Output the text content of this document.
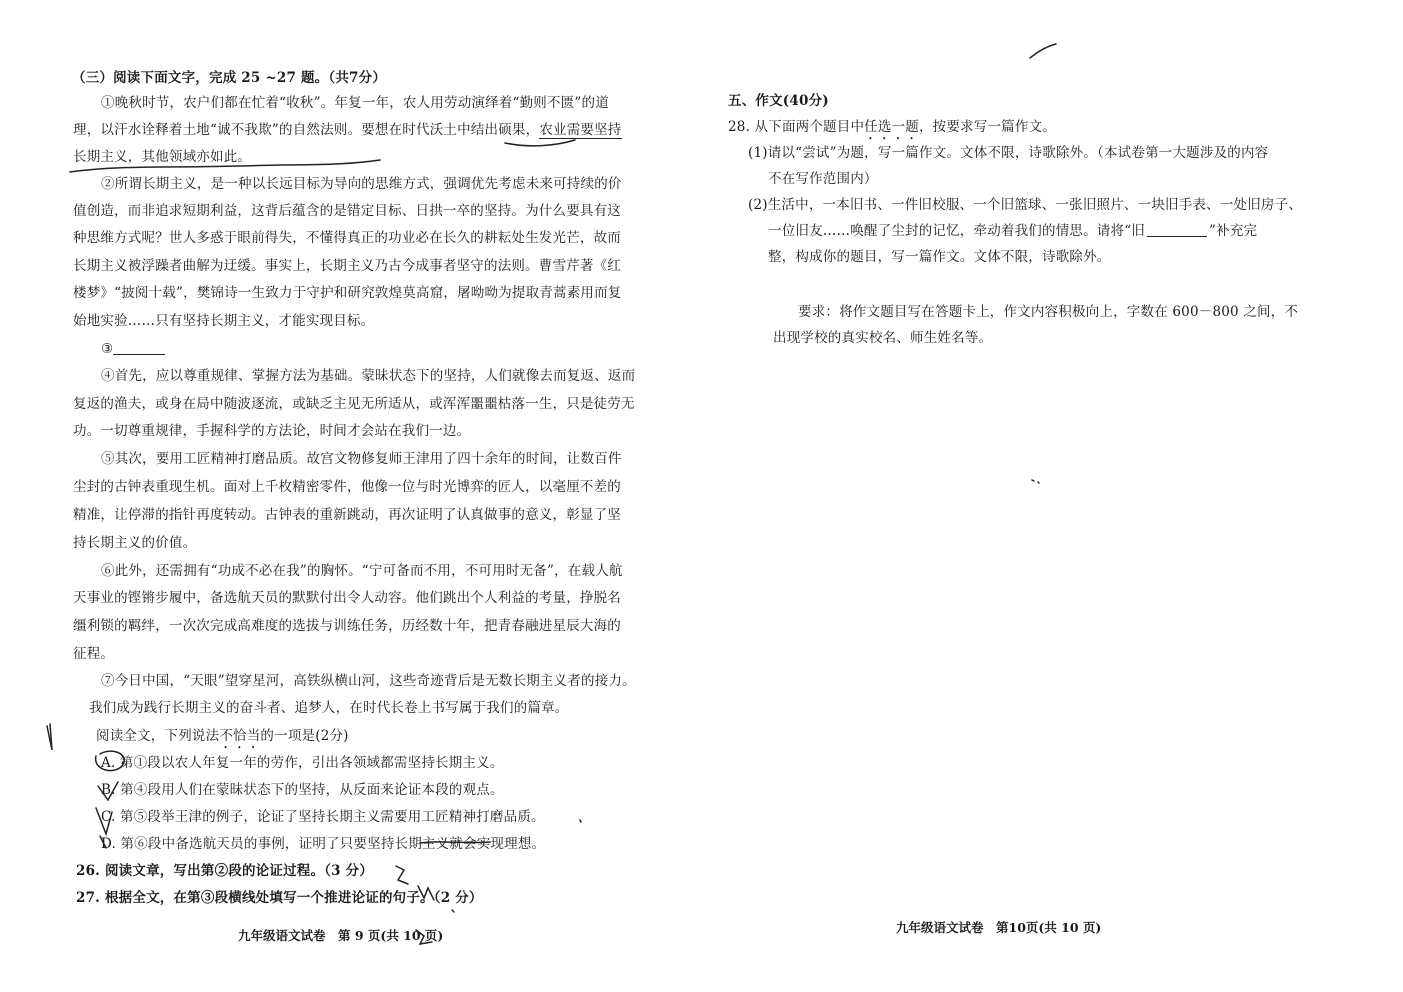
（三）阅读下面文字，完成 25 ~27 题。（共7分）
①晚秋时节，农户们都在忙着“收秋”。年复一年，农人用劳动演绎着“勤则不匮”的道
理，以汗水诠释着土地“诚不我欺”的自然法则。要想在时代沃土中结出硕果，农业需要坚持
长期主义，其他领域亦如此。
②所谓长期主义，是一种以长远目标为导向的思维方式，强调优先考虑未来可持续的价
值创造，而非追求短期利益，这背后蕴含的是错定目标、日拱一卒的坚持。为什么要具有这
种思维方式呢？世人多惑于眼前得失，不懂得真正的功业必在长久的耕耘处生发光芒，故而
长期主义被浮躁者曲解为迂缓。事实上，长期主义乃古今成事者坚守的法则。曹雪芹著《红
楼梦》“披阅十载”，樊锦诗一生致力于守护和研究敦煌莫高窟，屠呦呦为提取青蒿素用而复
始地实验……只有坚持长期主义，才能实现目标。
③
④首先，应以尊重规律、掌握方法为基础。蒙昧状态下的坚持，人们就像去而复返、返而
复返的渔夫，或身在局中随波逐流，或缺乏主见无所适从，或浑浑噩噩枯落一生，只是徒劳无
功。一切尊重规律，手握科学的方法论，时间才会站在我们一边。
⑤其次，要用工匠精神打磨品质。故宫文物修复师王津用了四十余年的时间，让数百件
尘封的古钟表重现生机。面对上千枚精密零件，他像一位与时光博弈的匠人，以毫厘不差的
精准，让停滞的指针再度转动。古钟表的重新跳动，再次证明了认真做事的意义，彰显了坚
持长期主义的价值。
⑥此外，还需拥有“功成不必在我”的胸怀。“宁可备而不用，不可用时无备”，在载人航
天事业的铿锵步履中，备选航天员的默默付出令人动容。他们跳出个人利益的考量，挣脱名
缰利锁的羁绊，一次次完成高难度的选拔与训练任务，历经数十年，把青春融进星辰大海的
征程。
⑦今日中国，“天眼”望穿星河，高铁纵横山河，这些奇迹背后是无数长期主义者的接力。
我们成为践行长期主义的奋斗者、追梦人，在时代长卷上书写属于我们的篇章。
阅读全文，下列说法不恰当的一项是(2分)
A. 第①段以农人年复一年的劳作，引出各领域都需坚持长期主义。
B. 第④段用人们在蒙昧状态下的坚持，从反面来论证本段的观点。
C. 第⑤段举王津的例子，论证了坚持长期主义需要用工匠精神打磨品质。
D. 第⑥段中备选航天员的事例，证明了只要坚持长期主义就会实现理想。
26. 阅读文章，写出第②段的论证过程。（3 分）
27. 根据全文，在第③段横线处填写一个推进论证的句子。（2 分）
九年级语文试卷　第 9 页(共 10 页)
五、作文(40分)
28. 从下面两个题目中任选一题，按要求写一篇作文。
(1)请以“尝试”为题，写一篇作文。文体不限，诗歌除外。（本试卷第一大题涉及的内容
不在写作范围内）
(2)生活中，一本旧书、一件旧校服、一个旧篮球、一张旧照片、一块旧手表、一处旧房子、
一位旧友……唤醒了尘封的记忆，牵动着我们的情思。请将“旧	”补充完
整，构成你的题目，写一篇作文。文体不限，诗歌除外。
要求：将作文题目写在答题卡上，作文内容积极向上，字数在 600－800 之间，不
出现学校的真实校名、师生姓名等。
九年级语文试卷　第10页(共 10 页)
